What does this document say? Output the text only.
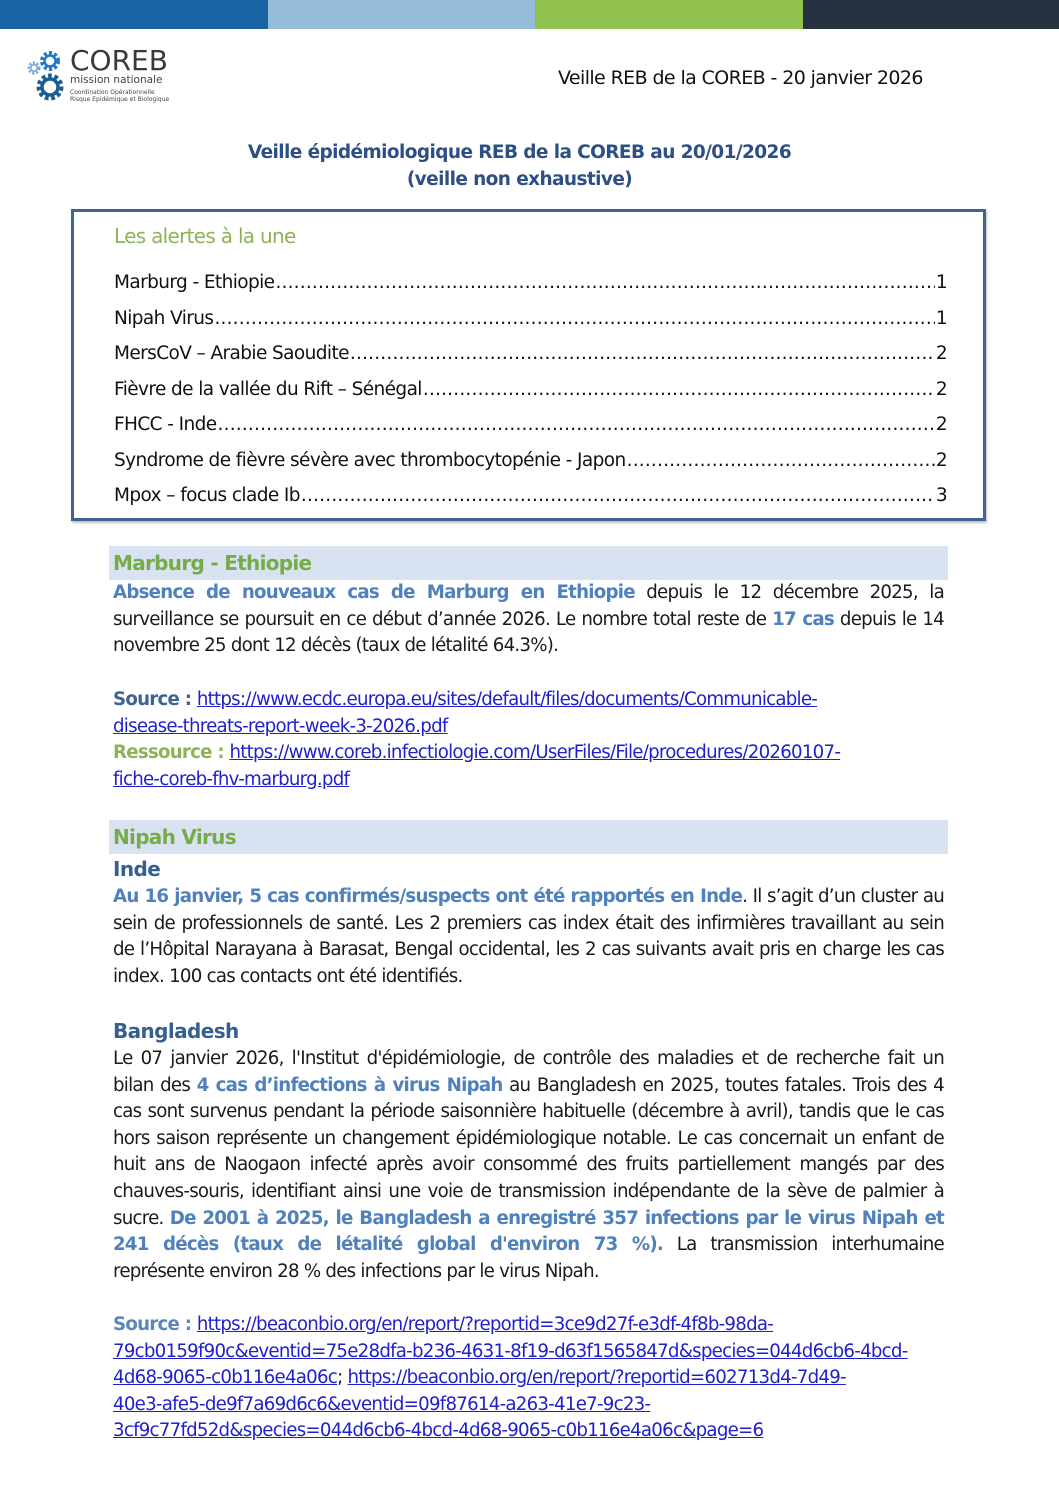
COREB
mission nationale
Coordination Opérationnelle
Risque Epidémique et Biologique
Veille REB de la COREB - 20 janvier 2026
Veille épidémiologique REB de la COREB au 20/01/2026
(veille non exhaustive)
Les alertes à la une
Marburg - Ethiopie .....	1
Nipah Virus .....	1
MersCoV – Arabie Saoudite .....	2
Fièvre de la vallée du Rift – Sénégal .....	2
FHCC - Inde .....	2
Syndrome de fièvre sévère avec thrombocytopénie - Japon .....	2
Mpox – focus clade Ib .....	3
Marburg - Ethiopie
Absence de nouveaux cas de Marburg en Ethiopie depuis le 12 décembre 2025, la surveillance se poursuit en ce début d’année 2026. Le nombre total reste de 17 cas depuis le 14 novembre 25 dont 12 décès (taux de létalité 64.3%).
Source : https://www.ecdc.europa.eu/sites/default/files/documents/Communicable-
disease-threats-report-week-3-2026.pdf
Ressource : https://www.coreb.infectiologie.com/UserFiles/File/procedures/20260107-
fiche-coreb-fhv-marburg.pdf
Nipah Virus
Inde
Au 16 janvier, 5 cas confirmés/suspects ont été rapportés en Inde. Il s’agit d’un cluster au sein de professionnels de santé. Les 2 premiers cas index était des infirmières travaillant au sein de l’Hôpital Narayana à Barasat, Bengal occidental, les 2 cas suivants avait pris en charge les cas index. 100 cas contacts ont été identifiés.
Bangladesh
Le 07 janvier 2026, l'Institut d'épidémiologie, de contrôle des maladies et de recherche fait un bilan des 4 cas d’infections à virus Nipah au Bangladesh en 2025, toutes fatales. Trois des 4 cas sont survenus pendant la période saisonnière habituelle (décembre à avril), tandis que le cas hors saison représente un changement épidémiologique notable. Le cas concernait un enfant de huit ans de Naogaon infecté après avoir consommé des fruits partiellement mangés par des chauves-souris, identifiant ainsi une voie de transmission indépendante de la sève de palmier à sucre. De 2001 à 2025, le Bangladesh a enregistré 357 infections par le virus Nipah et 241 décès (taux de létalité global d'environ 73 %). La transmission interhumaine représente environ 28 % des infections par le virus Nipah.
Source : https://beaconbio.org/en/report/?reportid=3ce9d27f-e3df-4f8b-98da-
79cb0159f90c&eventid=75e28dfa-b236-4631-8f19-d63f1565847d&species=044d6cb6-4bcd-
4d68-9065-c0b116e4a06c; https://beaconbio.org/en/report/?reportid=602713d4-7d49-
40e3-afe5-de9f7a69d6c6&eventid=09f87614-a263-41e7-9c23-
3cf9c77fd52d&species=044d6cb6-4bcd-4d68-9065-c0b116e4a06c&page=6
